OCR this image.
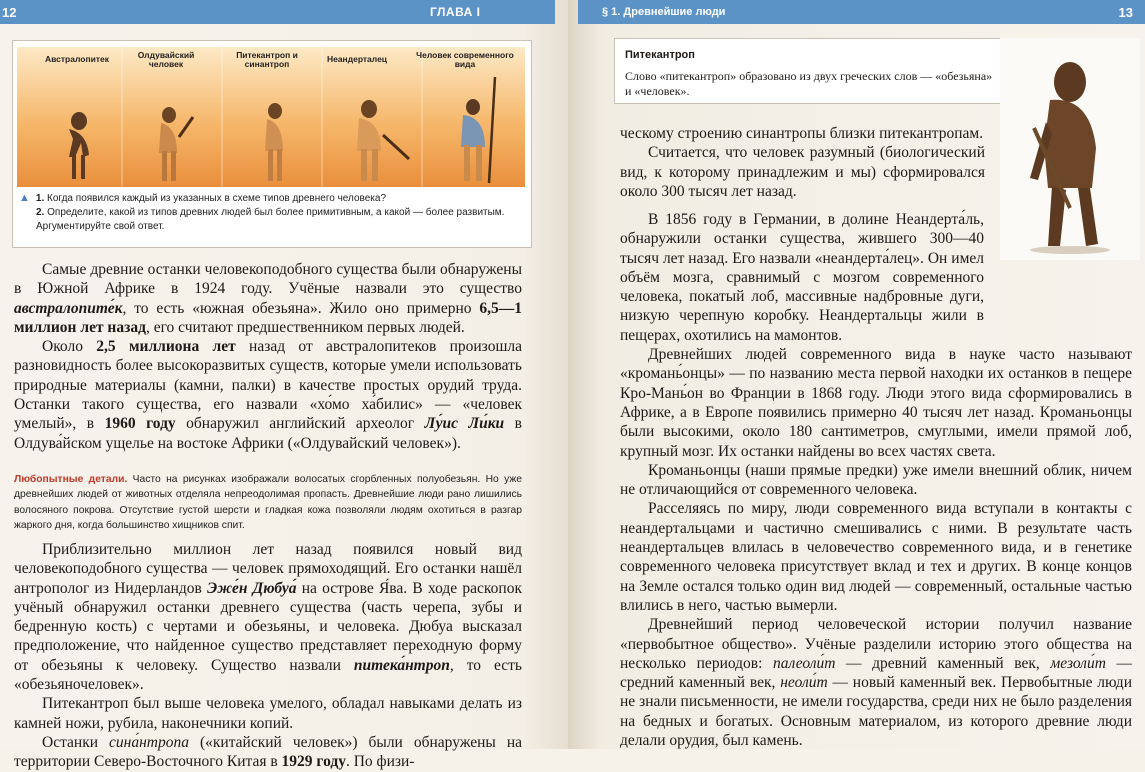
12	ГЛАВА I
Австралопитек	Олдувайский человек
Питекантроп и синантроп	Неандерталец	Человек современного вида
▲ 1. Когда появился каждый из указанных в схеме типов древнего человека?
2. Определите, какой из типов древних людей был более примитивным, а какой — более развитым. Аргументируйте свой ответ.

Самые древние останки человекоподобного существа были обнаружены в Южной Африке в 1924 году. Учёные назвали это существо австралопите́к, то есть «южная обезьяна». Жило оно примерно 6,5—1 миллион лет назад, его считают предшественником первых людей.

Около 2,5 миллиона лет назад от австралопитеков произошла разновидность более высокоразвитых существ, которые умели использовать природные материалы (камни, палки) в качестве простых орудий труда. Останки такого существа, его назвали «хо́мо ха́билис» — «человек умелый», в 1960 году обнаружил английский археолог Лу́ис Ли́ки в Олдува́йском ущелье на востоке Африки («Олдувайский человек»).

Любопытные детали. Часто на рисунках изображали волосатых сгорбленных полуобезьян. Но уже древнейших людей от животных отделяла непреодолимая пропасть. Древнейшие люди рано лишились волосяного покрова. Отсутствие густой шерсти и гладкая кожа позволяли людям охотиться в разгар жаркого дня, когда большинство хищников спит.

Приблизительно миллион лет назад появился новый вид человекоподобного существа — человек прямоходящий. Его останки нашёл антрополог из Нидерландов Эже́н Дюбуа́ на острове Я́ва. В ходе раскопок учёный обнаружил останки древнего существа (часть черепа, зубы и бедренную кость) с чертами и обезьяны, и человека. Дюбуа высказал предположение, что найденное существо представляет переходную форму от обезьяны к человеку. Существо назвали питека́нтроп, то есть «обезьяночеловек».

Питекантроп был выше человека умелого, обладал навыками делать из камней ножи, рубила, наконечники копий.

Останки сина́нтропа («китайский человек») были обнаружены на территории Северо-Восточного Китая в 1929 году. По физи-

§ 1. Древнейшие люди	13
Питекантроп
Слово «питекантроп» образовано из двух греческих слов — «обезьяна» и «человек».

ческому строению синантропы близки питекантропам.

Считается, что человек разумный (биологический вид, к которому принадлежим и мы) сформировался около 300 тысяч лет назад.

В 1856 году в Германии, в долине Неандерта́ль, обнаружили останки существа, жившего 300—40 тысяч лет назад. Его назвали «неандерта́лец». Он имел объём мозга, сравнимый с мозгом современного человека, покатый лоб, массивные надбровные дуги, низкую черепную коробку. Неандертальцы жили в пещерах, охотились на мамонтов.

Древнейших людей современного вида в науке часто называют «кромань́онцы» — по названию места первой находки их останков в пещере Кро-Мань́он во Франции в 1868 году. Люди этого вида сформировались в Африке, а в Европе появились примерно 40 тысяч лет назад. Кроманьонцы были высокими, около 180 сантиметров, смуглыми, имели прямой лоб, крупный мозг. Их останки найдены во всех частях света.

Кроманьонцы (наши прямые предки) уже имели внешний облик, ничем не отличающийся от современного человека.

Расселяясь по миру, люди современного вида вступали в контакты с неандертальцами и частично смешивались с ними. В результате часть неандертальцев влилась в человечество современного вида, и в генетике современного человека присутствует вклад и тех и других. В конце концов на Земле остался только один вид людей — современный, остальные частью влились в него, частью вымерли.

Древнейший период человеческой истории получил название «первобытное общество». Учёные разделили историю этого общества на несколько периодов: палеоли́т — древний каменный век, мезоли́т — средний каменный век, неоли́т — новый каменный век. Первобытные люди не знали письменности, не имели государства, среди них не было разделения на бедных и богатых. Основным материалом, из которого древние люди делали орудия, был камень.
